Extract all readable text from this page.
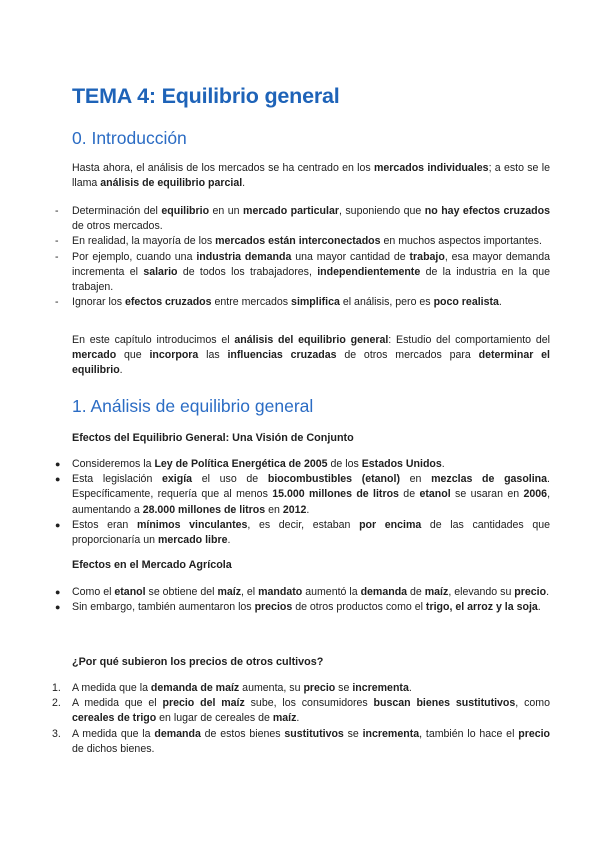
TEMA 4: Equilibrio general
0. Introducción

Hasta ahora, el análisis de los mercados se ha centrado en los mercados individuales; a esto se le llama análisis de equilibrio parcial.

- Determinación del equilibrio en un mercado particular, suponiendo que no hay efectos cruzados de otros mercados.
- En realidad, la mayoría de los mercados están interconectados en muchos aspectos importantes.
- Por ejemplo, cuando una industria demanda una mayor cantidad de trabajo, esa mayor demanda incrementa el salario de todos los trabajadores, independientemente de la industria en la que trabajen.
- Ignorar los efectos cruzados entre mercados simplifica el análisis, pero es poco realista.

En este capítulo introducimos el análisis del equilibrio general: Estudio del comportamiento del mercado que incorpora las influencias cruzadas de otros mercados para determinar el equilibrio.

1. Análisis de equilibrio general

Efectos del Equilibrio General: Una Visión de Conjunto

● Consideremos la Ley de Política Energética de 2005 de los Estados Unidos.
● Esta legislación exigía el uso de biocombustibles (etanol) en mezclas de gasolina. Específicamente, requería que al menos 15.000 millones de litros de etanol se usaran en 2006, aumentando a 28.000 millones de litros en 2012.
● Estos eran mínimos vinculantes, es decir, estaban por encima de las cantidades que proporcionaría un mercado libre.

Efectos en el Mercado Agrícola

● Como el etanol se obtiene del maíz, el mandato aumentó la demanda de maíz, elevando su precio.
● Sin embargo, también aumentaron los precios de otros productos como el trigo, el arroz y la soja.

¿Por qué subieron los precios de otros cultivos?

1. A medida que la demanda de maíz aumenta, su precio se incrementa.
2. A medida que el precio del maíz sube, los consumidores buscan bienes sustitutivos, como cereales de trigo en lugar de cereales de maíz.
3. A medida que la demanda de estos bienes sustitutivos se incrementa, también lo hace el precio de dichos bienes.
